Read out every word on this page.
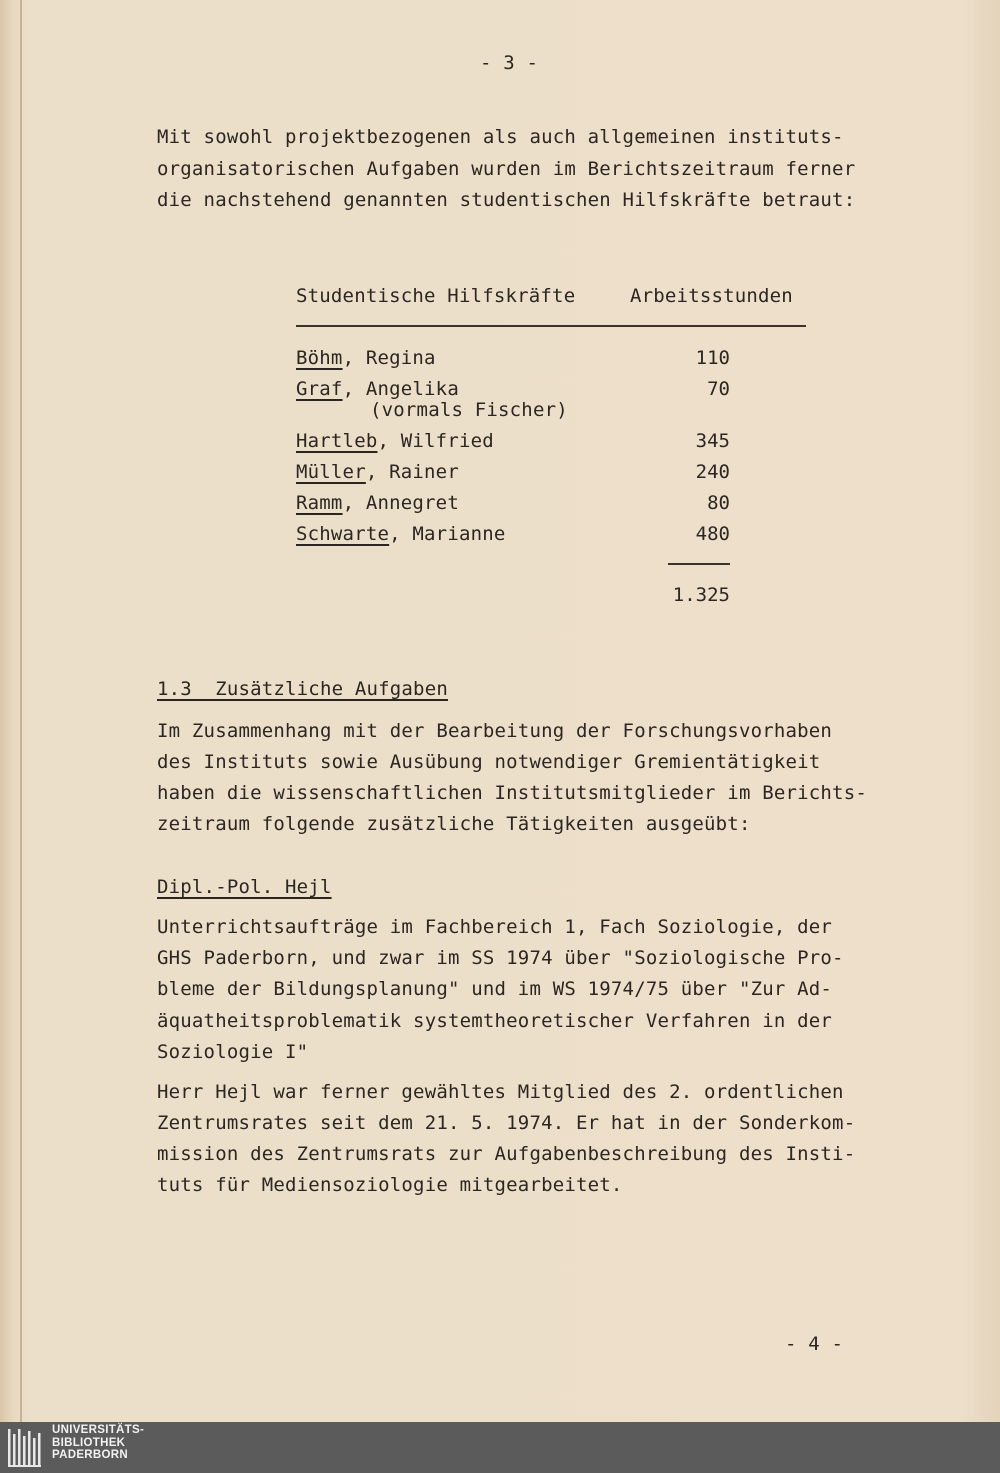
- 3 -
Mit sowohl projektbezogenen als auch allgemeinen instituts-
organisatorischen Aufgaben wurden im Berichtszeitraum ferner
die nachstehend genannten studentischen Hilfskräfte betraut:
Studentische Hilfskräfte	Arbeitsstunden
Böhm, Regina	110
Graf, Angelika	70
(vormals Fischer)
Hartleb, Wilfried	345
Müller, Rainer	240
Ramm, Annegret	80
Schwarte, Marianne	480
1.325
1.3  Zusätzliche Aufgaben
Im Zusammenhang mit der Bearbeitung der Forschungsvorhaben
des Instituts sowie Ausübung notwendiger Gremientätigkeit
haben die wissenschaftlichen Institutsmitglieder im Berichts-
zeitraum folgende zusätzliche Tätigkeiten ausgeübt:
Dipl.-Pol. Hejl
Unterrichtsaufträge im Fachbereich 1, Fach Soziologie, der
GHS Paderborn, und zwar im SS 1974 über "Soziologische Pro-
bleme der Bildungsplanung" und im WS 1974/75 über "Zur Ad-
äquatheitsproblematik systemtheoretischer Verfahren in der
Soziologie I"
Herr Hejl war ferner gewähltes Mitglied des 2. ordentlichen
Zentrumsrates seit dem 21. 5. 1974. Er hat in der Sonderkom-
mission des Zentrumsrats zur Aufgabenbeschreibung des Insti-
tuts für Mediensoziologie mitgearbeitet.
- 4 -
UNIVERSITÄTS-
BIBLIOTHEK
PADERBORN
